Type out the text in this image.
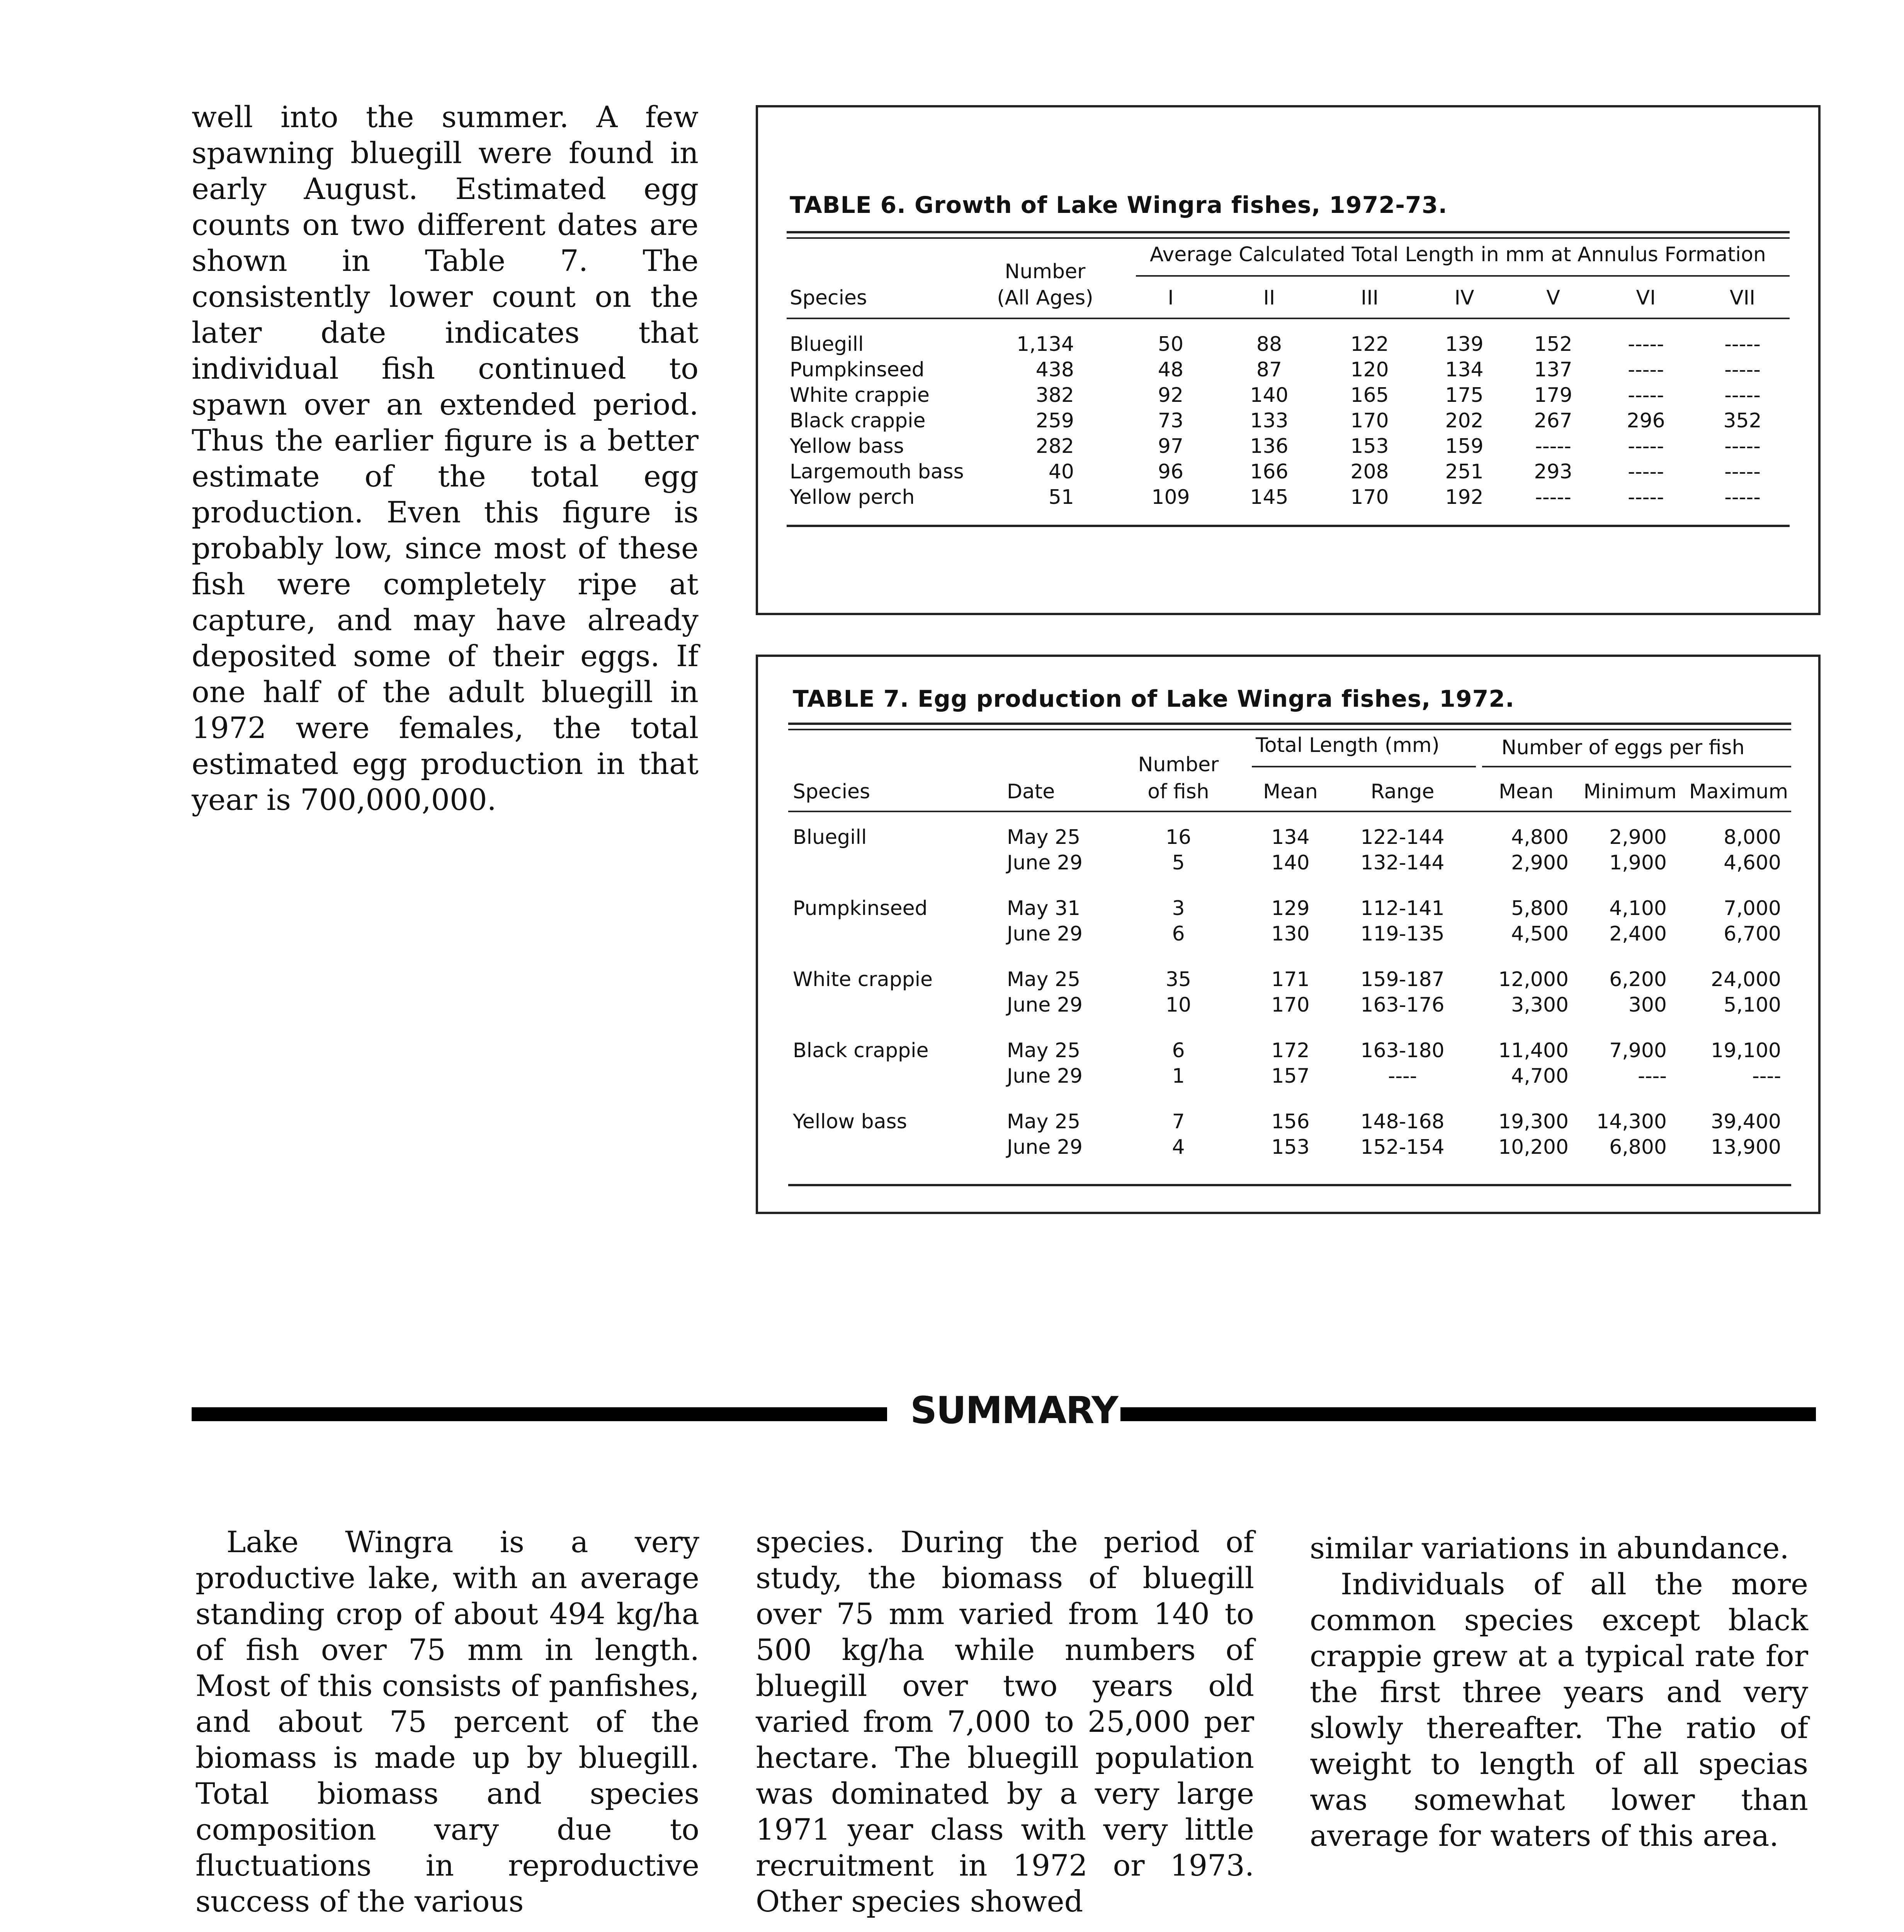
well into the summer. A few spawning bluegill were found in early August. Estimated egg counts on two different dates are shown in Table 7. The consistently lower count on the later date indicates that individual fish continued to spawn over an extended period. Thus the earlier figure is a better estimate of the total egg production. Even this figure is probably low, since most of these fish were completely ripe at capture, and may have already deposited some of their eggs. If one half of the adult bluegill in 1972 were females, the total estimated egg production in that year is 700,000,000.
TABLE 6. Growth of Lake Wingra fishes, 1972-73.
Average Calculated Total Length in mm at Annulus Formation
Number
(All Ages)
Species	I	II	III	IV	V	VI	VII
Bluegill	1,134	50	88	122	139	152	-----	-----
Pumpkinseed	438	48	87	120	134	137	-----	-----
White crappie	382	92	140	165	175	179	-----	-----
Black crappie	259	73	133	170	202	267	296	352
Yellow bass	282	97	136	153	159	-----	-----	-----
Largemouth bass	40	96	166	208	251	293	-----	-----
Yellow perch	51	109	145	170	192	-----	-----	-----
TABLE 7. Egg production of Lake Wingra fishes, 1972.
Total Length (mm)	Number of eggs per fish
Number
of fish
Species	Date	Mean	Range	Mean	Minimum Maximum
Bluegill	May 25	16	134	122-144	4,800	2,900	8,000
June 29	5	140	132-144	2,900	1,900	4,600
Pumpkinseed	May 31	3	129	112-141	5,800	4,100	7,000
June 29	6	130	119-135	4,500	2,400	6,700
White crappie	May 25	35	171	159-187	12,000	6,200	24,000
June 29	10	170	163-176	3,300	300	5,100
Black crappie	May 25	6	172	163-180	11,400	7,900	19,100
June 29	1	157	----	4,700	----	----
Yellow bass	May 25	7	156	148-168	19,300	14,300	39,400
June 29	4	153	152-154	10,200	6,800	13,900
SUMMARY
Lake Wingra is a very productive lake, with an average standing crop of about 494 kg/ha of fish over 75 mm in length. Most of this consists of panfishes, and about 75 percent of the biomass is made up by bluegill. Total biomass and species composition vary due to fluctuations in reproductive success of the various
species. During the period of study, the biomass of bluegill over 75 mm varied from 140 to 500 kg/ha while numbers of bluegill over two years old varied from 7,000 to 25,000 per hectare. The bluegill population was dominated by a very large 1971 year class with very little recruitment in 1972 or 1973. Other species showed
similar variations in abundance.
Individuals of all the more common species except black crappie grew at a typical rate for the first three years and very slowly thereafter. The ratio of weight to length of all specias was somewhat lower than average for waters of this area.
